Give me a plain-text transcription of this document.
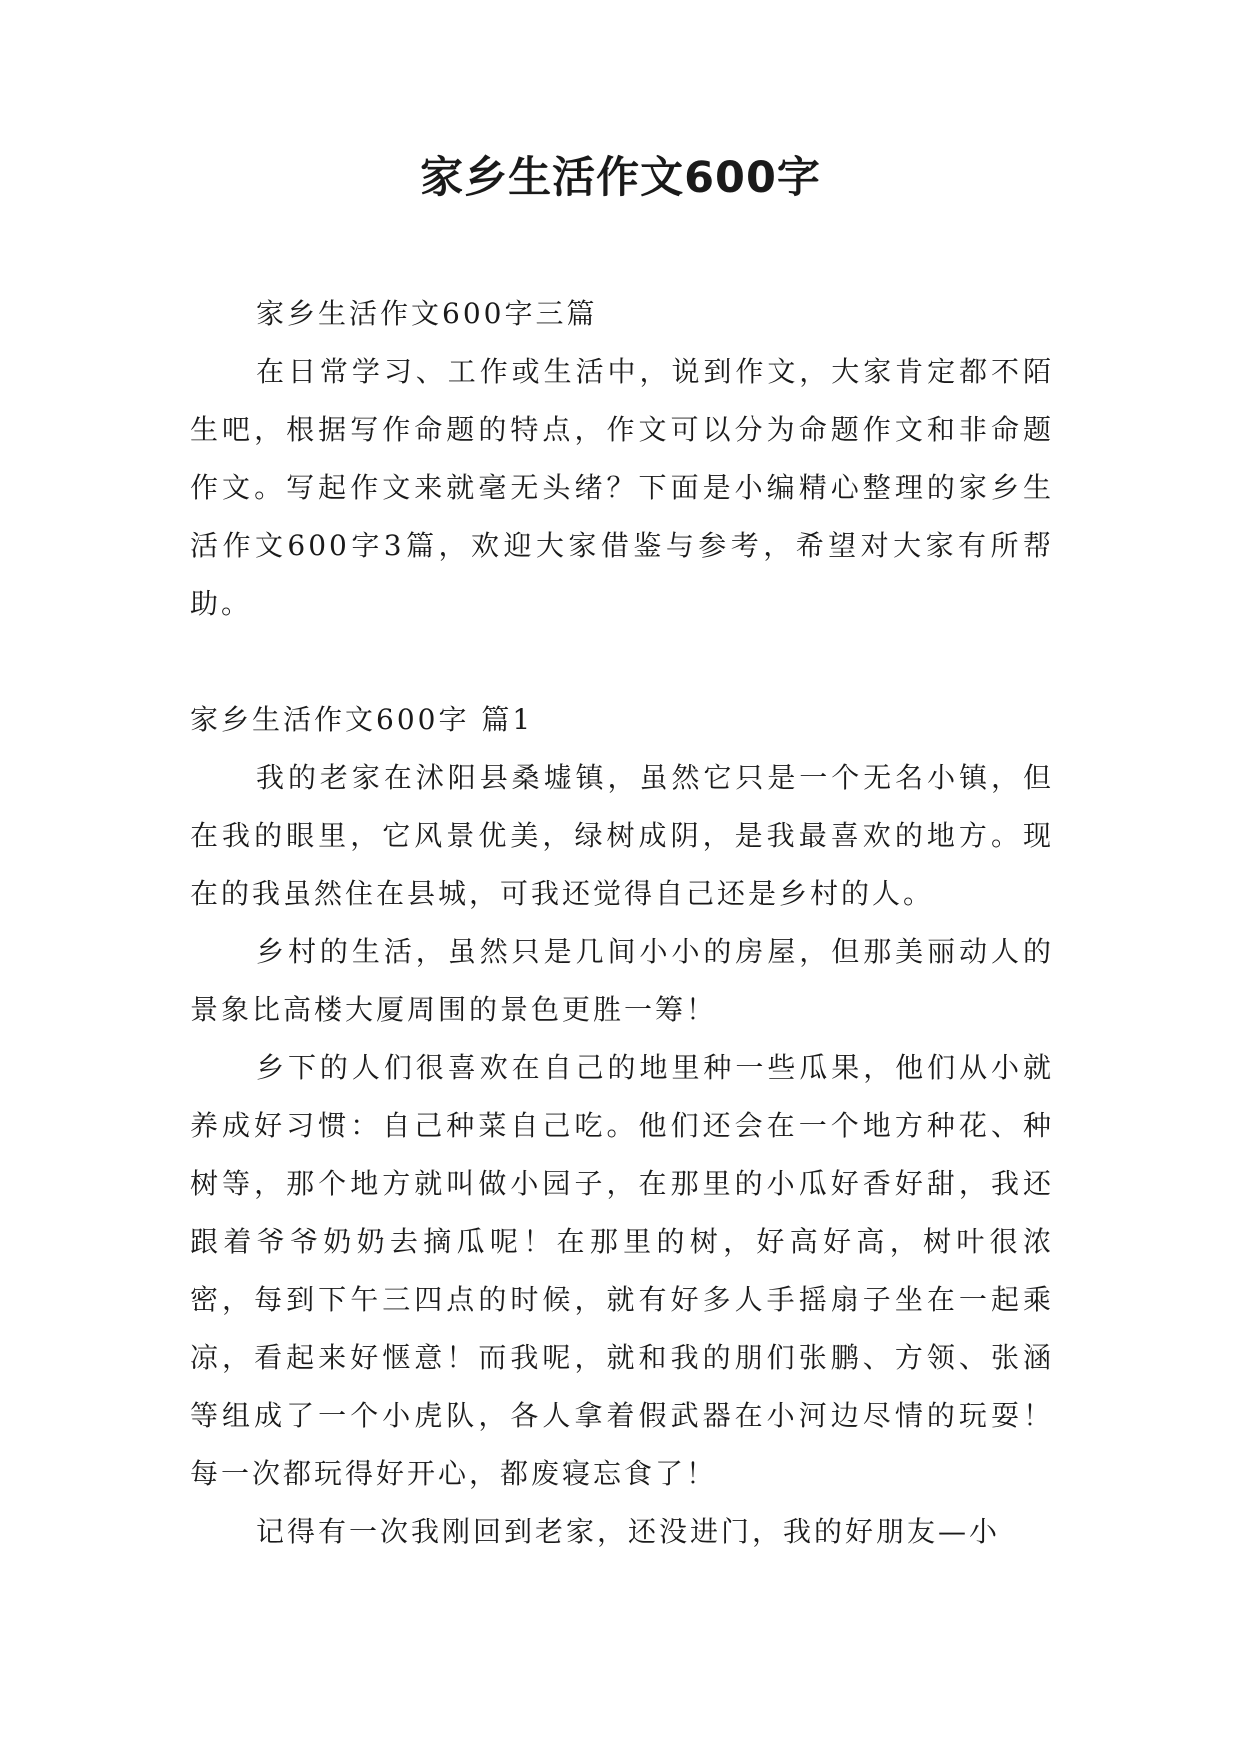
家乡生活作文600字

家乡生活作文600字三篇

在日常学习、工作或生活中，说到作文，大家肯定都不陌生吧，根据写作命题的特点，作文可以分为命题作文和非命题作文。写起作文来就毫无头绪？下面是小编精心整理的家乡生活作文600字3篇，欢迎大家借鉴与参考，希望对大家有所帮助。

家乡生活作文600字 篇1

我的老家在沭阳县桑墟镇，虽然它只是一个无名小镇，但在我的眼里，它风景优美，绿树成阴，是我最喜欢的地方。现在的我虽然住在县城，可我还觉得自己还是乡村的人。

乡村的生活，虽然只是几间小小的房屋，但那美丽动人的景象比高楼大厦周围的景色更胜一筹！

乡下的人们很喜欢在自己的地里种一些瓜果，他们从小就养成好习惯：自己种菜自己吃。他们还会在一个地方种花、种树等，那个地方就叫做小园子，在那里的小瓜好香好甜，我还跟着爷爷奶奶去摘瓜呢！在那里的树，好高好高，树叶很浓密，每到下午三四点的时候，就有好多人手摇扇子坐在一起乘凉，看起来好惬意！而我呢，就和我的朋们张鹏、方领、张涵等组成了一个小虎队，各人拿着假武器在小河边尽情的玩耍！每一次都玩得好开心，都废寝忘食了！

记得有一次我刚回到老家，还没进门，我的好朋友—小
